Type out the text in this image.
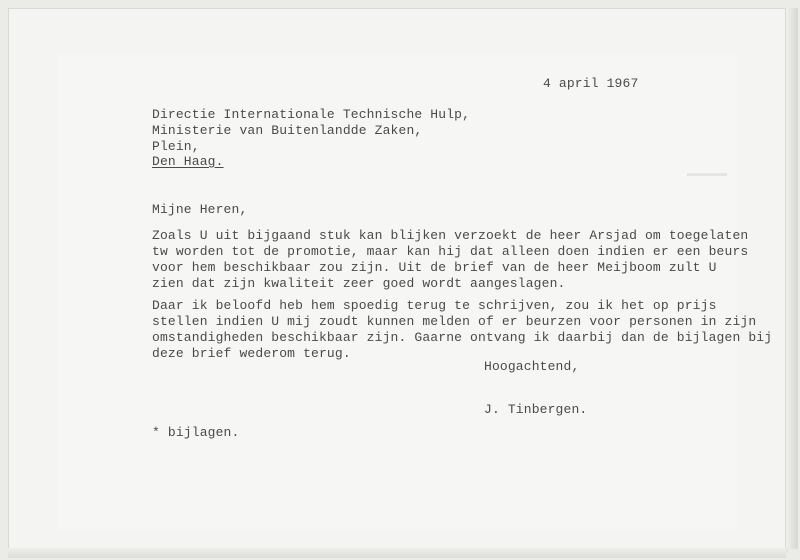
4 april 1967
Directie Internationale Technische Hulp,
Ministerie van Buitenlandde Zaken,
Plein,
Den Haag.
Mijne Heren,
Zoals U uit bijgaand stuk kan blijken verzoekt de heer Arsjad om toegelaten
tw worden tot de promotie, maar kan hij dat alleen doen indien er een beurs
voor hem beschikbaar zou zijn. Uit de brief van de heer Meijboom zult U
zien dat zijn kwaliteit zeer goed wordt aangeslagen.
Daar ik beloofd heb hem spoedig terug te schrijven, zou ik het op prijs
stellen indien U mij zoudt kunnen melden of er beurzen voor personen in zijn
omstandigheden beschikbaar zijn. Gaarne ontvang ik daarbij dan de bijlagen bij
deze brief wederom terug.
Hoogachtend,
J. Tinbergen.
* bijlagen.
